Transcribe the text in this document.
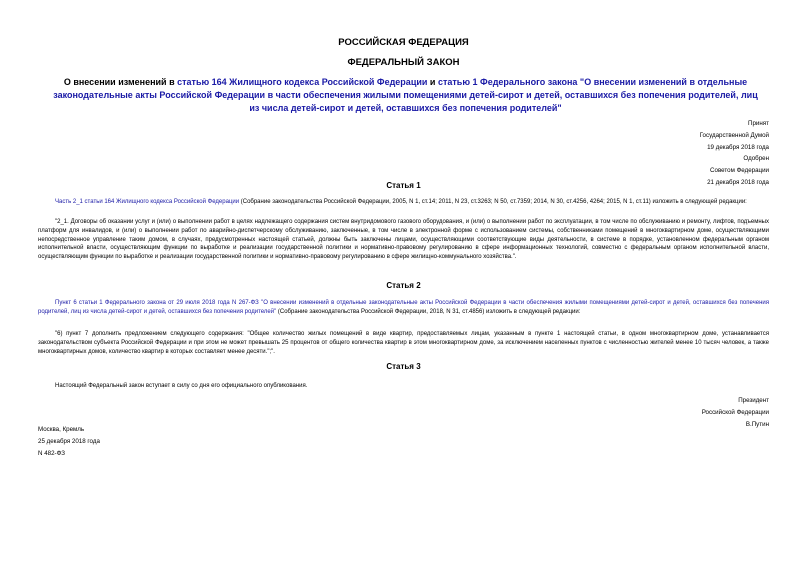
РОССИЙСКАЯ ФЕДЕРАЦИЯ
ФЕДЕРАЛЬНЫЙ ЗАКОН
О внесении изменений в статью 164 Жилищного кодекса Российской Федерации и статью 1 Федерального закона "О внесении изменений в отдельные законодательные акты Российской Федерации в части обеспечения жилыми помещениями детей-сирот и детей, оставшихся без попечения родителей, лиц из числа детей-сирот и детей, оставшихся без попечения родителей"
Принят
Государственной Думой
19 декабря 2018 года
Одобрен
Советом Федерации
21 декабря 2018 года
Статья 1
Часть 2_1 статьи 164 Жилищного кодекса Российской Федерации (Собрание законодательства Российской Федерации, 2005, N 1, ст.14; 2011, N 23, ст.3263; N 50, ст.7359; 2014, N 30, ст.4256, 4264; 2015, N 1, ст.11) изложить в следующей редакции:
"2_1. Договоры об оказании услуг и (или) о выполнении работ в целях надлежащего содержания систем внутридомового газового оборудования, и (или) о выполнении работ по эксплуатации, в том числе по обслуживанию и ремонту, лифтов, подъемных платформ для инвалидов, и (или) о выполнении работ по аварийно-диспетчерскому обслуживанию, заключенные, в том числе в электронной форме с использованием системы, собственниками помещений в многоквартирном доме, осуществляющими непосредственное управление таким домом, в случаях, предусмотренных настоящей статьей, должны быть заключены лицами, осуществляющими соответствующие виды деятельности, в системе в порядке, установленном федеральным органом исполнительной власти, осуществляющим функции по выработке и реализации государственной политики и нормативно-правовому регулированию в сфере информационных технологий, совместно с федеральным органом исполнительной власти, осуществляющим функции по выработке и реализации государственной политики и нормативно-правовому регулированию в сфере жилищно-коммунального хозяйства.".
Статья 2
Пункт 6 статьи 1 Федерального закона от 29 июля 2018 года N 267-ФЗ "О внесении изменений в отдельные законодательные акты Российской Федерации в части обеспечения жилыми помещениями детей-сирот и детей, оставшихся без попечения родителей, лиц из числа детей-сирот и детей, оставшихся без попечения родителей" (Собрание законодательства Российской Федерации, 2018, N 31, ст.4856) изложить в следующей редакции:
"6) пункт 7 дополнить предложением следующего содержания: "Общее количество жилых помещений в виде квартир, предоставляемых лицам, указанным в пункте 1 настоящей статьи, в одном многоквартирном доме, устанавливается законодательством субъекта Российской Федерации и при этом не может превышать 25 процентов от общего количества квартир в этом многоквартирном доме, за исключением населенных пунктов с численностью жителей менее 10 тысяч человек, а также многоквартирных домов, количество квартир в которых составляет менее десяти.";".
Статья 3
Настоящий Федеральный закон вступает в силу со дня его официального опубликования.
Президент
Российской Федерации
В.Путин
Москва, Кремль
25 декабря 2018 года
N 482-ФЗ
